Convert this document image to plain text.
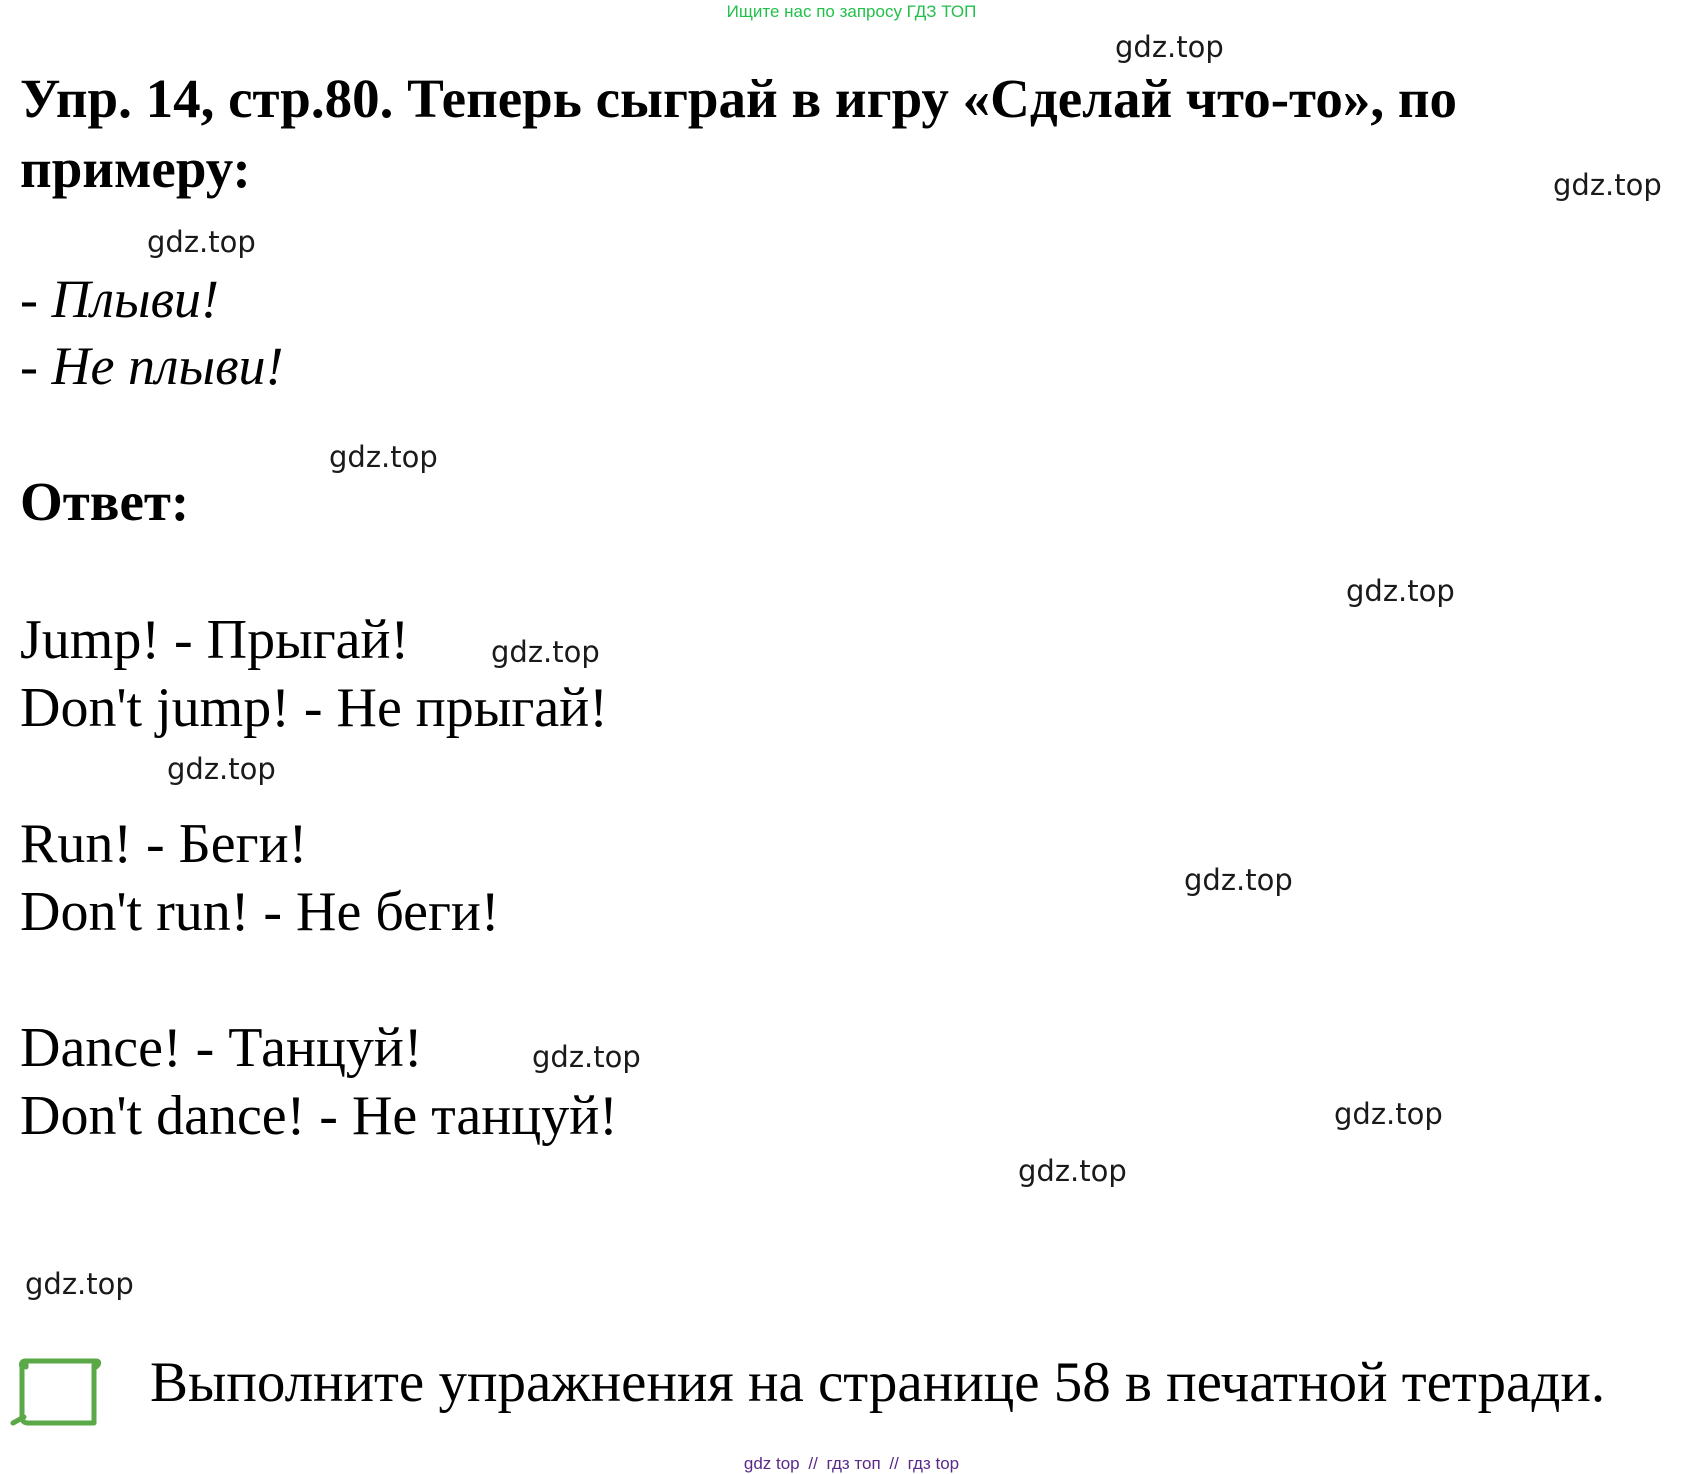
Ищите нас по запросу ГДЗ ТОП
Упр. 14, стр.80. Теперь сыграй в игру «Сделай что-то», по примеру:
- Плыви!
- Не плыви!
Ответ:
Jump! - Прыгай!
Don't jump! - Не прыгай!
Run! - Беги!
Don't run! - Не беги!
Dance! - Танцуй!
Don't dance! - Не танцуй!
gdz.top
gdz.top
gdz.top
gdz.top
gdz.top
gdz.top
gdz.top
gdz.top
gdz.top
gdz.top
gdz.top
gdz.top
Выполните упражнения на странице 58 в печатной тетради.
gdz top // гдз топ // гдз top
